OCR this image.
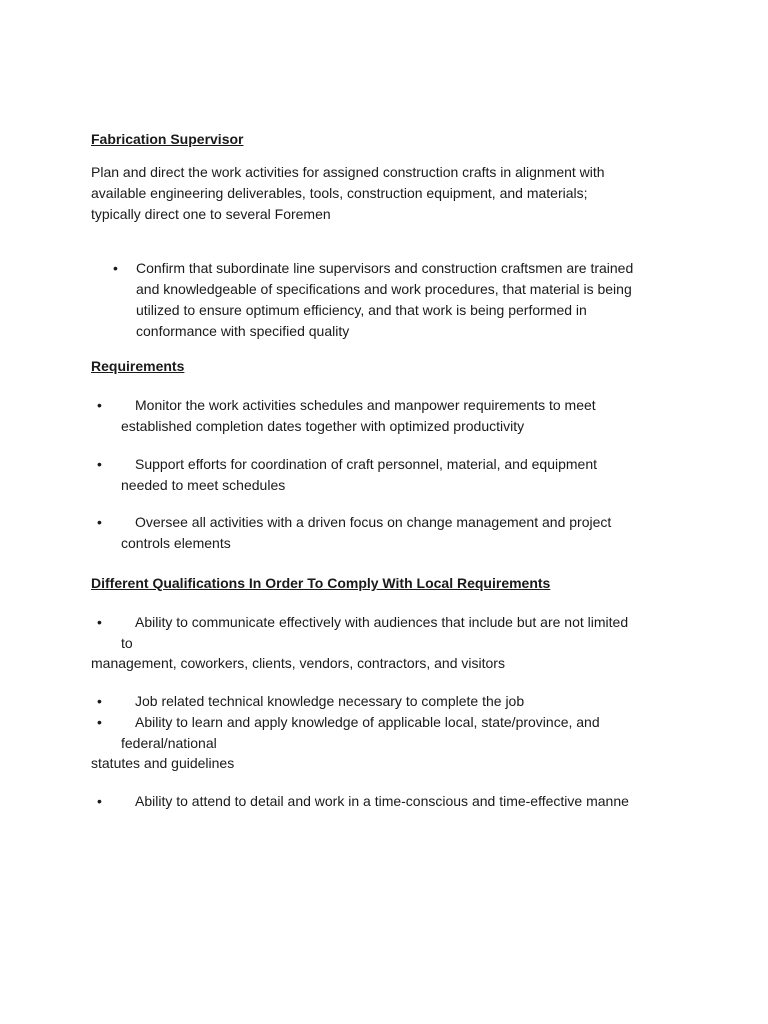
Fabrication Supervisor
Plan and direct the work activities for assigned construction crafts in alignment with
available engineering deliverables, tools, construction equipment, and materials;
typically direct one to several Foremen
• Confirm that subordinate line supervisors and construction craftsmen are trained
and knowledgeable of specifications and work procedures, that material is being
utilized to ensure optimum efficiency, and that work is being performed in
conformance with specified quality
Requirements
• Monitor the work activities schedules and manpower requirements to meet
established completion dates together with optimized productivity
• Support efforts for coordination of craft personnel, material, and equipment
needed to meet schedules
• Oversee all activities with a driven focus on change management and project
controls elements
Different Qualifications In Order To Comply With Local Requirements
• Ability to communicate effectively with audiences that include but are not limited
to
management, coworkers, clients, vendors, contractors, and visitors
• Job related technical knowledge necessary to complete the job
• Ability to learn and apply knowledge of applicable local, state/province, and
federal/national
statutes and guidelines
• Ability to attend to detail and work in a time-conscious and time-effective manne
